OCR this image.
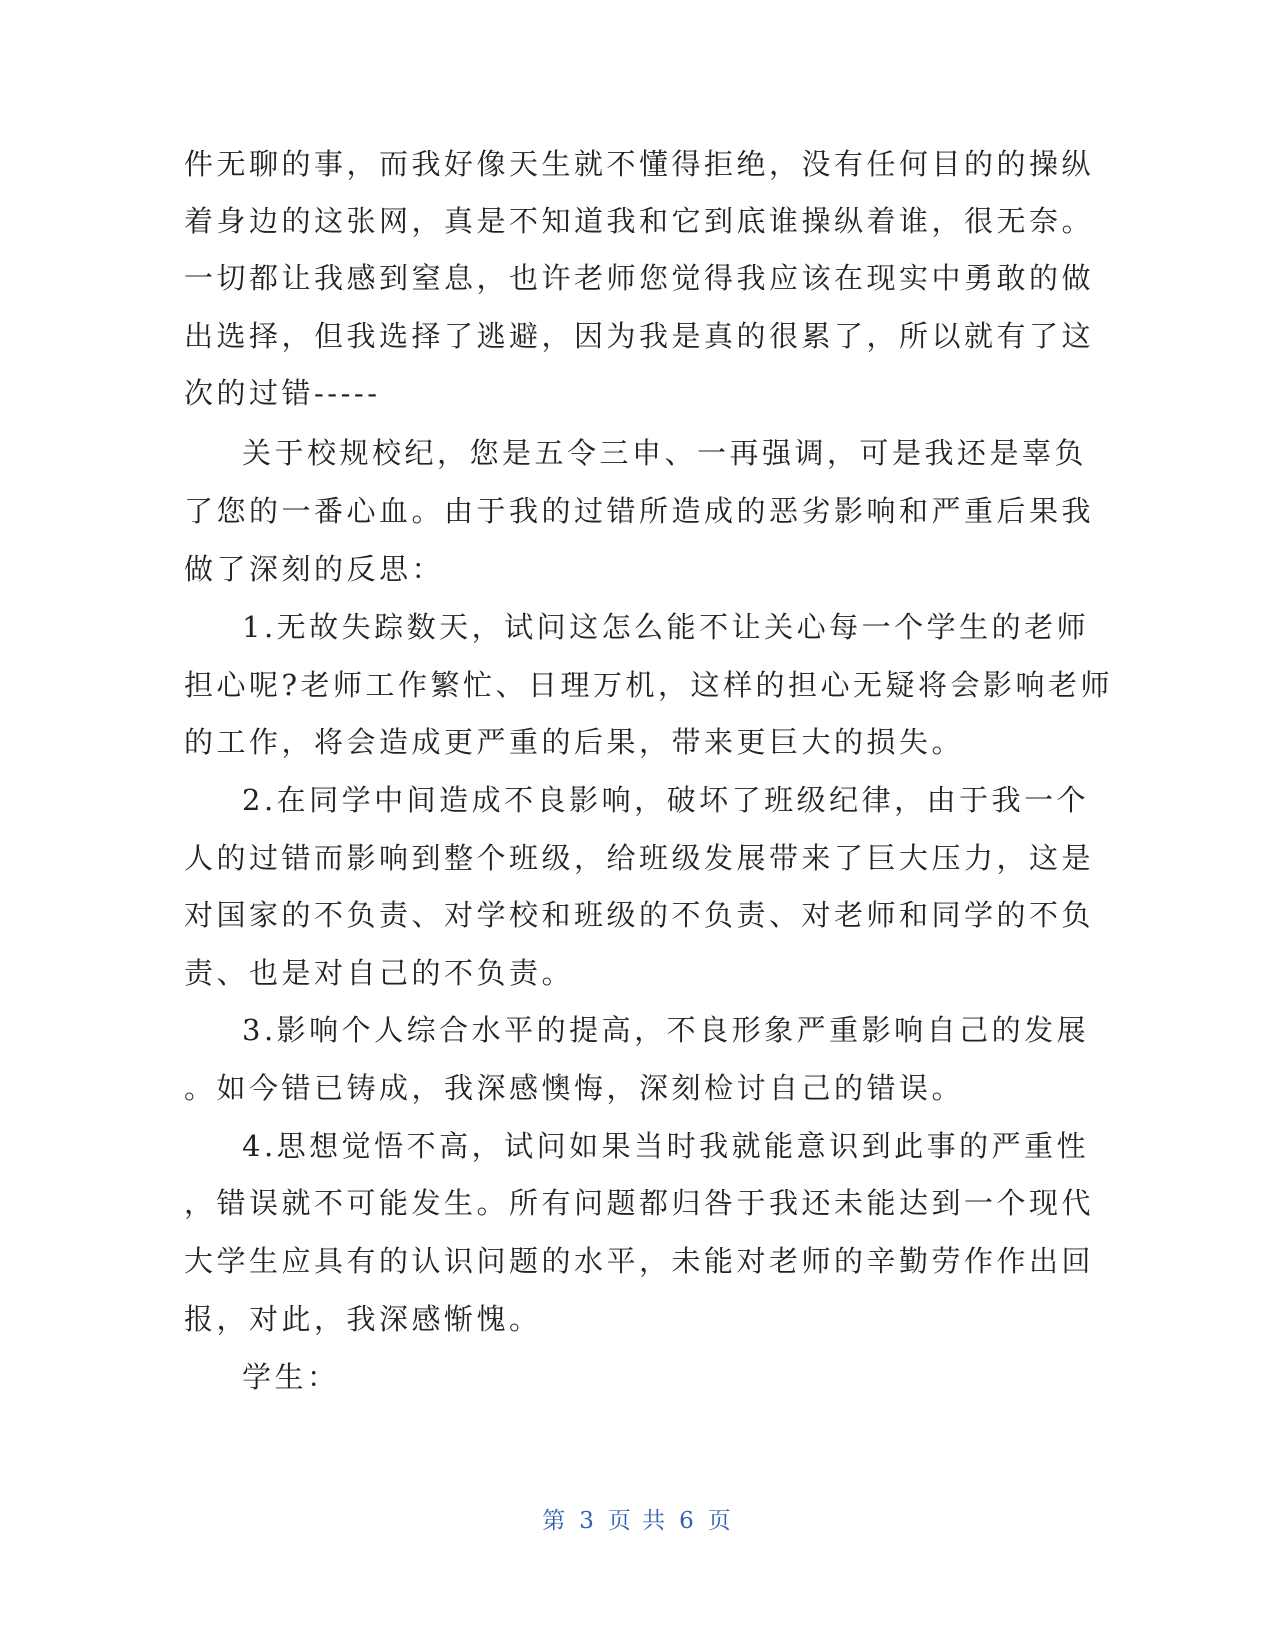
件无聊的事，而我好像天生就不懂得拒绝，没有任何目的的操纵
着身边的这张网，真是不知道我和它到底谁操纵着谁，很无奈。
一切都让我感到窒息，也许老师您觉得我应该在现实中勇敢的做
出选择，但我选择了逃避，因为我是真的很累了，所以就有了这
次的过错-----
关于校规校纪，您是五令三申、一再强调，可是我还是辜负
了您的一番心血。由于我的过错所造成的恶劣影响和严重后果我
做了深刻的反思：
1.无故失踪数天，试问这怎么能不让关心每一个学生的老师
担心呢?老师工作繁忙、日理万机，这样的担心无疑将会影响老师
的工作，将会造成更严重的后果，带来更巨大的损失。
2.在同学中间造成不良影响，破坏了班级纪律，由于我一个
人的过错而影响到整个班级，给班级发展带来了巨大压力，这是
对国家的不负责、对学校和班级的不负责、对老师和同学的不负
责、也是对自己的不负责。
3.影响个人综合水平的提高，不良形象严重影响自己的发展
。如今错已铸成，我深感懊悔，深刻检讨自己的错误。
4.思想觉悟不高，试问如果当时我就能意识到此事的严重性
，错误就不可能发生。所有问题都归咎于我还未能达到一个现代
大学生应具有的认识问题的水平，未能对老师的辛勤劳作作出回
报，对此，我深感惭愧。
学生：
第 3 页 共 6 页
